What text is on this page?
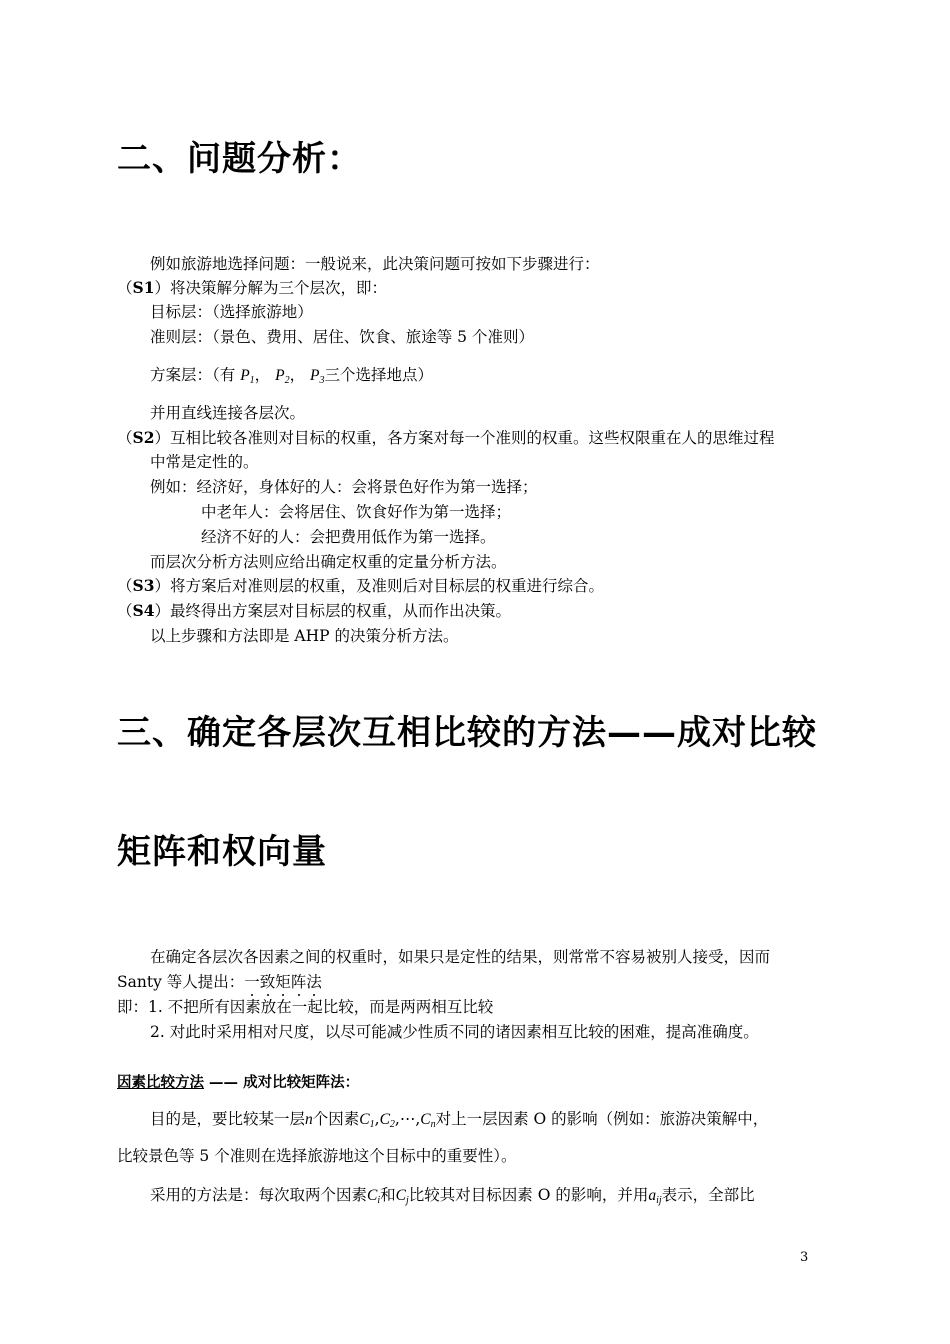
二、问题分析：
例如旅游地选择问题：一般说来，此决策问题可按如下步骤进行：
（S1）将决策解分解为三个层次，即：
目标层：（选择旅游地）
准则层：（景色、费用、居住、饮食、旅途等 5 个准则）
方案层：（有 $P_1$， $P_2$， $P_3$三个选择地点）
并用直线连接各层次。
（S2）互相比较各准则对目标的权重，各方案对每一个准则的权重。这些权限重在人的思维过程
中常是定性的。
例如：经济好，身体好的人：会将景色好作为第一选择；
中老年人：会将居住、饮食好作为第一选择；
经济不好的人：会把费用低作为第一选择。
而层次分析方法则应给出确定权重的定量分析方法。
（S3）将方案后对准则层的权重，及准则后对目标层的权重进行综合。
（S4）最终得出方案层对目标层的权重，从而作出决策。
以上步骤和方法即是 AHP 的决策分析方法。
三、确定各层次互相比较的方法——成对比较
矩阵和权向量
在确定各层次各因素之间的权重时，如果只是定性的结果，则常常不容易被别人接受，因而
Santy 等人提出：一致矩阵法
即：1. 不把所有因素放在一起比较，而是两两相互比较
2. 对此时采用相对尺度，以尽可能减少性质不同的诸因素相互比较的困难，提高准确度。
因素比较方法 —— 成对比较矩阵法：
目的是，要比较某一层n个因素$C_1,C_2,\cdots,C_n$对上一层因素 O 的影响（例如：旅游决策解中，
比较景色等 5 个准则在选择旅游地这个目标中的重要性）。
采用的方法是：每次取两个因素$C_i$和$C_j$比较其对目标因素 O 的影响，并用$a_{ij}$表示，全部比
3
